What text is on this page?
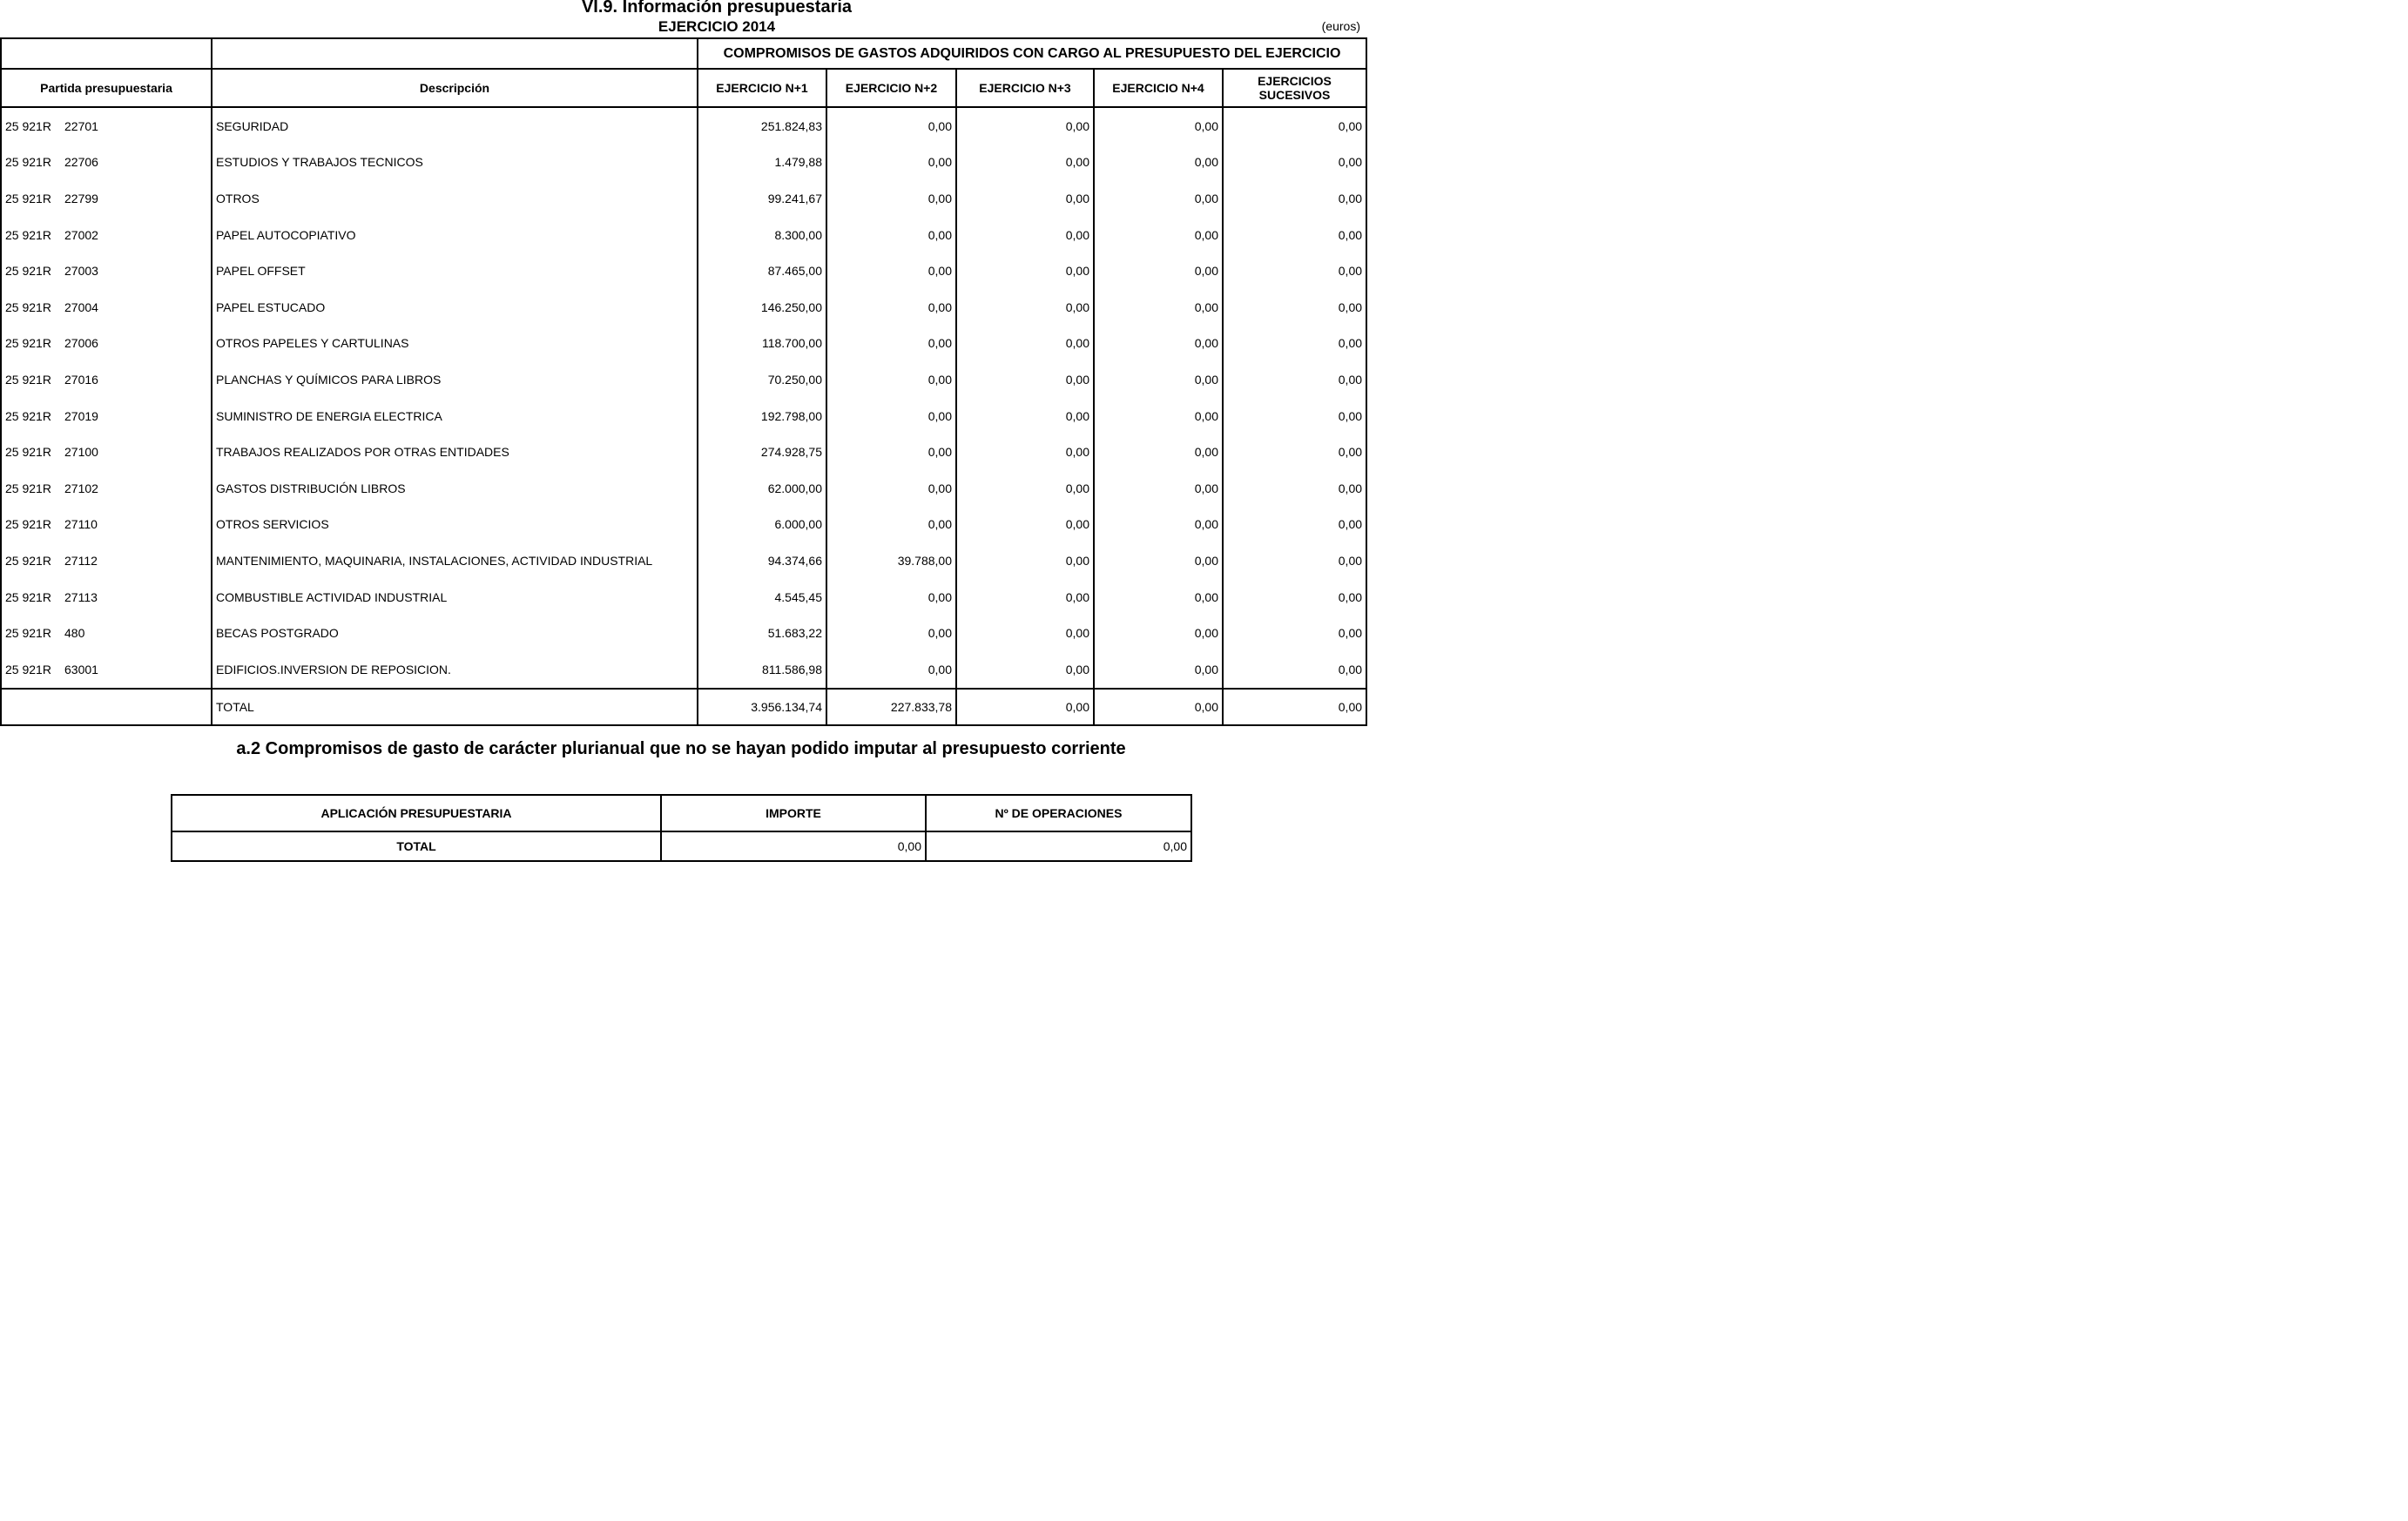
VI.9. Información presupuestaria
EJERCICIO 2014	(euros)
		COMPROMISOS DE GASTOS ADQUIRIDOS CON CARGO AL PRESUPUESTO DEL EJERCICIO				
Partida presupuestaria	Descripción	EJERCICIO N+1	EJERCICIO N+2	EJERCICIO N+3	EJERCICIO N+4	EJERCICIOS SUCESIVOS
25 921R 22701	SEGURIDAD	251.824,83	0,00	0,00	0,00	0,00
25 921R 22706	ESTUDIOS Y TRABAJOS TECNICOS	1.479,88	0,00	0,00	0,00	0,00
25 921R 22799	OTROS	99.241,67	0,00	0,00	0,00	0,00
25 921R 27002	PAPEL AUTOCOPIATIVO	8.300,00	0,00	0,00	0,00	0,00
25 921R 27003	PAPEL OFFSET	87.465,00	0,00	0,00	0,00	0,00
25 921R 27004	PAPEL ESTUCADO	146.250,00	0,00	0,00	0,00	0,00
25 921R 27006	OTROS PAPELES Y CARTULINAS	118.700,00	0,00	0,00	0,00	0,00
25 921R 27016	PLANCHAS Y QUÍMICOS PARA LIBROS	70.250,00	0,00	0,00	0,00	0,00
25 921R 27019	SUMINISTRO DE ENERGIA ELECTRICA	192.798,00	0,00	0,00	0,00	0,00
25 921R 27100	TRABAJOS REALIZADOS POR OTRAS ENTIDADES	274.928,75	0,00	0,00	0,00	0,00
25 921R 27102	GASTOS DISTRIBUCIÓN LIBROS	62.000,00	0,00	0,00	0,00	0,00
25 921R 27110	OTROS SERVICIOS	6.000,00	0,00	0,00	0,00	0,00
25 921R 27112	MANTENIMIENTO, MAQUINARIA, INSTALACIONES, ACTIVIDAD INDUSTRIAL	94.374,66	39.788,00	0,00	0,00	0,00
25 921R 27113	COMBUSTIBLE ACTIVIDAD INDUSTRIAL	4.545,45	0,00	0,00	0,00	0,00
25 921R 480	BECAS POSTGRADO	51.683,22	0,00	0,00	0,00	0,00
25 921R 63001	EDIFICIOS.INVERSION DE REPOSICION.	811.586,98	0,00	0,00	0,00	0,00
	TOTAL	3.956.134,74	227.833,78	0,00	0,00	0,00
a.2 Compromisos de gasto de carácter plurianual que no se hayan podido imputar al presupuesto corriente
APLICACIÓN PRESUPUESTARIA	IMPORTE	Nº DE OPERACIONES
TOTAL	0,00	0,00
